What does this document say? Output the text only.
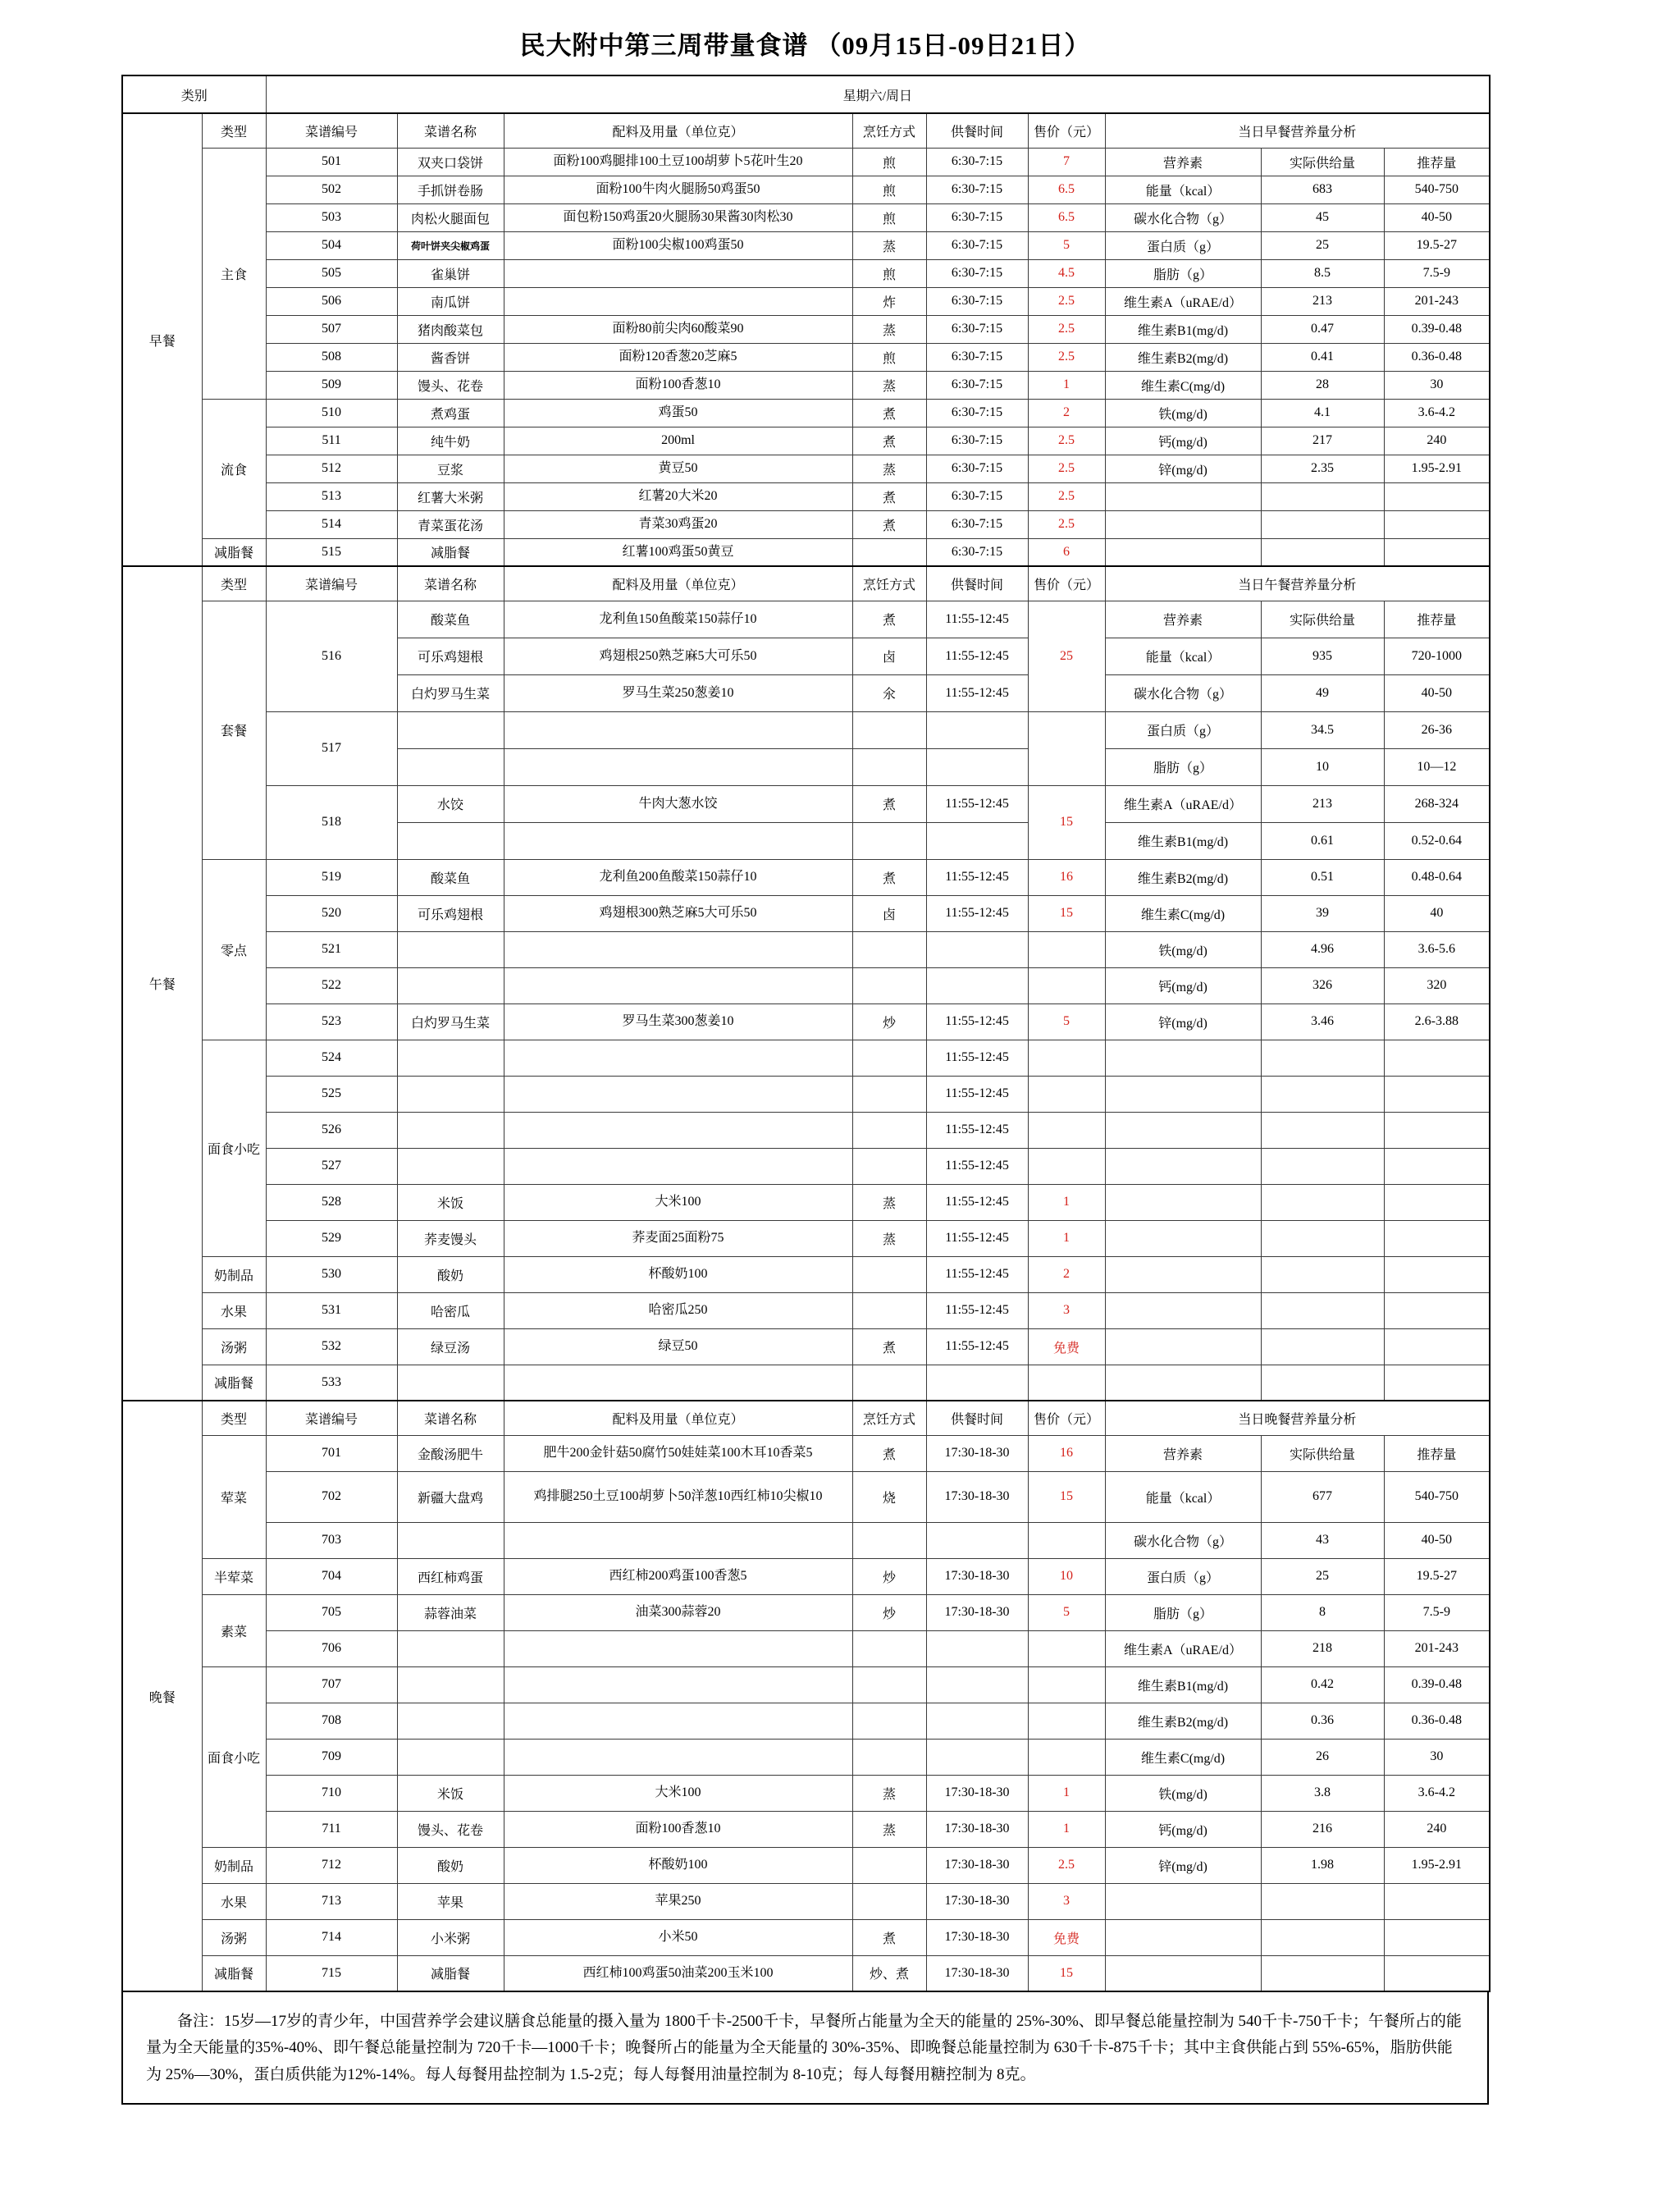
民大附中第三周带量食谱 （09月15日-09日21日）
类别		星期六/周日								
早餐	类型	菜谱编号	菜谱名称	配料及用量（单位克）	烹饪方式	供餐时间	售价（元）	当日早餐营养量分析		
	主食	501	双夹口袋饼	面粉100鸡腿排100土豆100胡萝卜5花叶生20	煎	6:30-7:15	7	营养素	实际供给量	推荐量
		502	手抓饼卷肠	面粉100牛肉火腿肠50鸡蛋50	煎	6:30-7:15	6.5	能量（kcal）	683	540-750
		503	肉松火腿面包	面包粉150鸡蛋20火腿肠30果酱30肉松30	煎	6:30-7:15	6.5	碳水化合物（g）	45	40-50
		504	荷叶饼夹尖椒鸡蛋	面粉100尖椒100鸡蛋50	蒸	6:30-7:15	5	蛋白质（g）	25	19.5-27
		505	雀巢饼		煎	6:30-7:15	4.5	脂肪（g）	8.5	7.5-9
		506	南瓜饼		炸	6:30-7:15	2.5	维生素A（uRAE/d）	213	201-243
		507	猪肉酸菜包	面粉80前尖肉60酸菜90	蒸	6:30-7:15	2.5	维生素B1(mg/d)	0.47	0.39-0.48
		508	酱香饼	面粉120香葱20芝麻5	煎	6:30-7:15	2.5	维生素B2(mg/d)	0.41	0.36-0.48
		509	馒头、花卷	面粉100香葱10	蒸	6:30-7:15	1	维生素C(mg/d)	28	30
	流食	510	煮鸡蛋	鸡蛋50	煮	6:30-7:15	2	铁(mg/d)	4.1	3.6-4.2
		511	纯牛奶	200ml	煮	6:30-7:15	2.5	钙(mg/d)	217	240
		512	豆浆	黄豆50	蒸	6:30-7:15	2.5	锌(mg/d)	2.35	1.95-2.91
		513	红薯大米粥	红薯20大米20	煮	6:30-7:15	2.5			
		514	青菜蛋花汤	青菜30鸡蛋20	煮	6:30-7:15	2.5			
	减脂餐	515	减脂餐	红薯100鸡蛋50黄豆		6:30-7:15	6			
午餐	类型	菜谱编号	菜谱名称	配料及用量（单位克）	烹饪方式	供餐时间	售价（元）	当日午餐营养量分析		
	套餐	516	酸菜鱼	龙利鱼150鱼酸菜150蒜仔10	煮	11:55-12:45	25	营养素	实际供给量	推荐量
			可乐鸡翅根	鸡翅根250熟芝麻5大可乐50	卤	11:55-12:45		能量（kcal）	935	720-1000
			白灼罗马生菜	罗马生菜250葱姜10	氽	11:55-12:45		碳水化合物（g）	49	40-50
		517						蛋白质（g）	34.5	26-36
								脂肪（g）	10	10—12
		518	水饺	牛肉大葱水饺	煮	11:55-12:45	15	维生素A（uRAE/d）	213	268-324
								维生素B1(mg/d)	0.61	0.52-0.64
	零点	519	酸菜鱼	龙利鱼200鱼酸菜150蒜仔10	煮	11:55-12:45	16	维生素B2(mg/d)	0.51	0.48-0.64
		520	可乐鸡翅根	鸡翅根300熟芝麻5大可乐50	卤	11:55-12:45	15	维生素C(mg/d)	39	40
		521						铁(mg/d)	4.96	3.6-5.6
		522						钙(mg/d)	326	320
		523	白灼罗马生菜	罗马生菜300葱姜10	炒	11:55-12:45	5	锌(mg/d)	3.46	2.6-3.88
	面食小吃	524				11:55-12:45				
		525				11:55-12:45				
		526				11:55-12:45				
		527				11:55-12:45				
		528	米饭	大米100	蒸	11:55-12:45	1			
		529	荞麦馒头	荞麦面25面粉75	蒸	11:55-12:45	1			
	奶制品	530	酸奶	杯酸奶100		11:55-12:45	2			
	水果	531	哈密瓜	哈密瓜250		11:55-12:45	3			
	汤粥	532	绿豆汤	绿豆50	煮	11:55-12:45	免费			
	减脂餐	533								
晚餐	类型	菜谱编号	菜谱名称	配料及用量（单位克）	烹饪方式	供餐时间	售价（元）	当日晚餐营养量分析		
	荤菜	701	金酸汤肥牛	肥牛200金针菇50腐竹50娃娃菜100木耳10香菜5	煮	17:30-18-30	16	营养素	实际供给量	推荐量
		702	新疆大盘鸡	鸡排腿250土豆100胡萝卜50洋葱10西红柿10尖椒10	烧	17:30-18-30	15	能量（kcal）	677	540-750
		703						碳水化合物（g）	43	40-50
	半荤菜	704	西红柿鸡蛋	西红柿200鸡蛋100香葱5	炒	17:30-18-30	10	蛋白质（g）	25	19.5-27
	素菜	705	蒜蓉油菜	油菜300蒜蓉20	炒	17:30-18-30	5	脂肪（g）	8	7.5-9
		706						维生素A（uRAE/d）	218	201-243
	面食小吃	707						维生素B1(mg/d)	0.42	0.39-0.48
		708						维生素B2(mg/d)	0.36	0.36-0.48
		709						维生素C(mg/d)	26	30
		710	米饭	大米100	蒸	17:30-18-30	1	铁(mg/d)	3.8	3.6-4.2
		711	馒头、花卷	面粉100香葱10	蒸	17:30-18-30	1	钙(mg/d)	216	240
	奶制品	712	酸奶	杯酸奶100		17:30-18-30	2.5	锌(mg/d)	1.98	1.95-2.91
	水果	713	苹果	苹果250		17:30-18-30	3			
	汤粥	714	小米粥	小米50	煮	17:30-18-30	免费			
	减脂餐	715	减脂餐	西红柿100鸡蛋50油菜200玉米100	炒、煮	17:30-18-30	15			
备注：15岁—17岁的青少年，中国营养学会建议膳食总能量的摄入量为 1800千卡-2500千卡，早餐所占能量为全天的能量的 25%-30%、即早餐总能量控制为 540千卡-750千卡；午餐所占的能量为全天能量的35%-40%、即午餐总能量控制为 720千卡—1000千卡；晚餐所占的能量为全天能量的 30%-35%、即晚餐总能量控制为 630千卡-875千卡；其中主食供能占到 55%-65%，脂肪供能为 25%—30%，蛋白质供能为12%-14%。每人每餐用盐控制为 1.5-2克；每人每餐用油量控制为 8-10克；每人每餐用糖控制为 8克。
